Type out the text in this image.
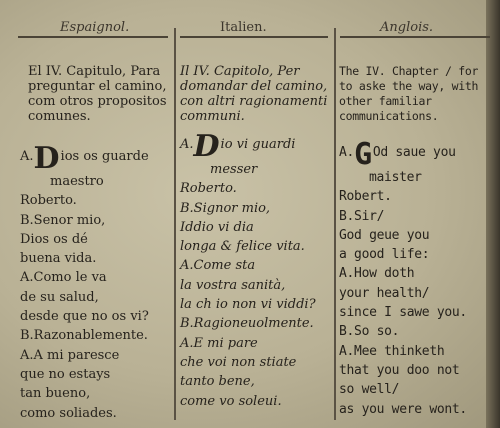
Espaignol.	Italien.	Anglois.
El IV. Capitulo, Para preguntar el camino, com otros propositos comunes.
A.Dios os guarde
maestro
Roberto.
B.Senor mio,
Dios os dé
buena vida.
A.Como le va
de su salud,
desde que no os vi?
B.Razonablemente.
A.A mi paresce
que no estays
tan bueno,
como soliades.
Il IV. Capitolo, Per domandar del camino, con altri ragionamenti communi.
A.Dio vi guardi
messer
Roberto.
B.Signor mio,
Iddio vi dia
longa & felice vita.
A.Come sta
la vostra sanità,
la ch io non vi viddi?
B.Ragioneuolmente.
A.E mi pare
che voi non stiate
tanto bene,
come vo soleui.
The IV. Chapter / for to aske the way, with other familiar communications.
A.GOd saue you
maister
Robert.
B.Sir/
God geue you
a good life:
A.How doth
your health/
since I sawe you.
B.So so.
A.Mee thinketh
that you doo not
so well/
as you were wont.
